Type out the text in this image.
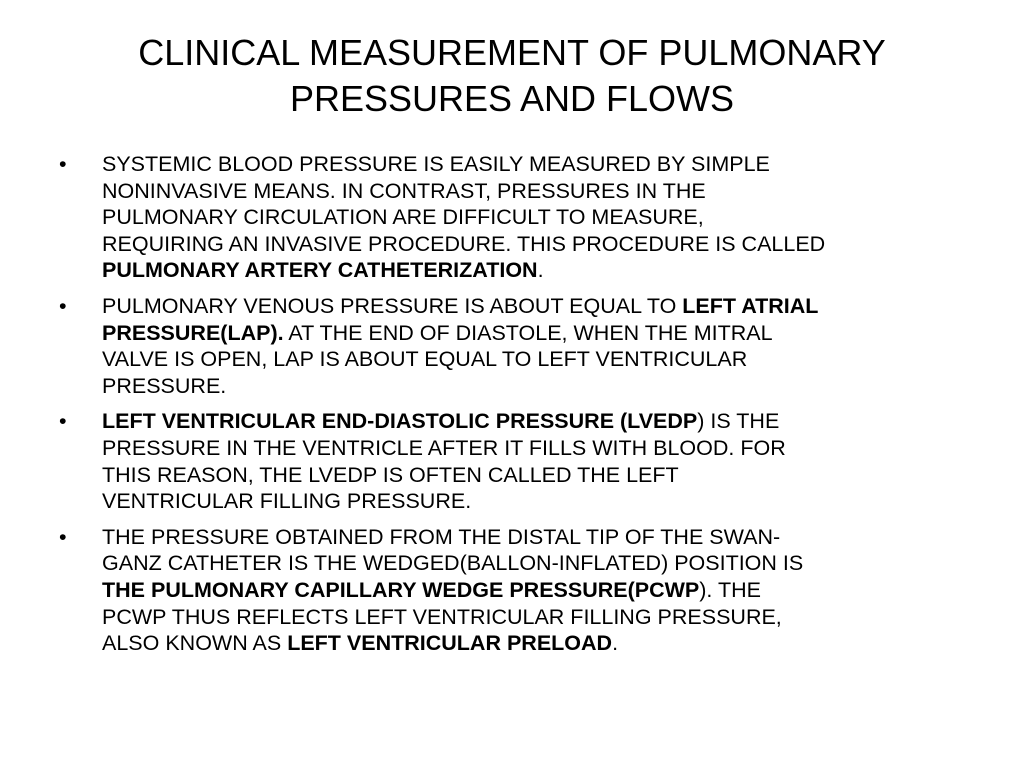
CLINICAL MEASUREMENT OF PULMONARY
PRESSURES AND FLOWS
•	SYSTEMIC BLOOD PRESSURE IS EASILY MEASURED BY SIMPLE
NONINVASIVE MEANS. IN CONTRAST, PRESSURES IN THE
PULMONARY CIRCULATION ARE DIFFICULT TO MEASURE,
REQUIRING AN INVASIVE PROCEDURE. THIS PROCEDURE IS CALLED
PULMONARY ARTERY CATHETERIZATION.
•	PULMONARY VENOUS PRESSURE IS ABOUT EQUAL TO LEFT ATRIAL
PRESSURE(LAP). AT THE END OF DIASTOLE, WHEN THE MITRAL
VALVE IS OPEN, LAP IS ABOUT EQUAL TO LEFT VENTRICULAR
PRESSURE.
•	LEFT VENTRICULAR END-DIASTOLIC PRESSURE (LVEDP) IS THE
PRESSURE IN THE VENTRICLE AFTER IT FILLS WITH BLOOD. FOR
THIS REASON, THE LVEDP IS OFTEN CALLED THE LEFT
VENTRICULAR FILLING PRESSURE.
•	THE PRESSURE OBTAINED FROM THE DISTAL TIP OF THE SWAN-
GANZ CATHETER IS THE WEDGED(BALLON-INFLATED) POSITION IS
THE PULMONARY CAPILLARY WEDGE PRESSURE(PCWP). THE
PCWP THUS REFLECTS LEFT VENTRICULAR FILLING PRESSURE,
ALSO KNOWN AS LEFT VENTRICULAR PRELOAD.
